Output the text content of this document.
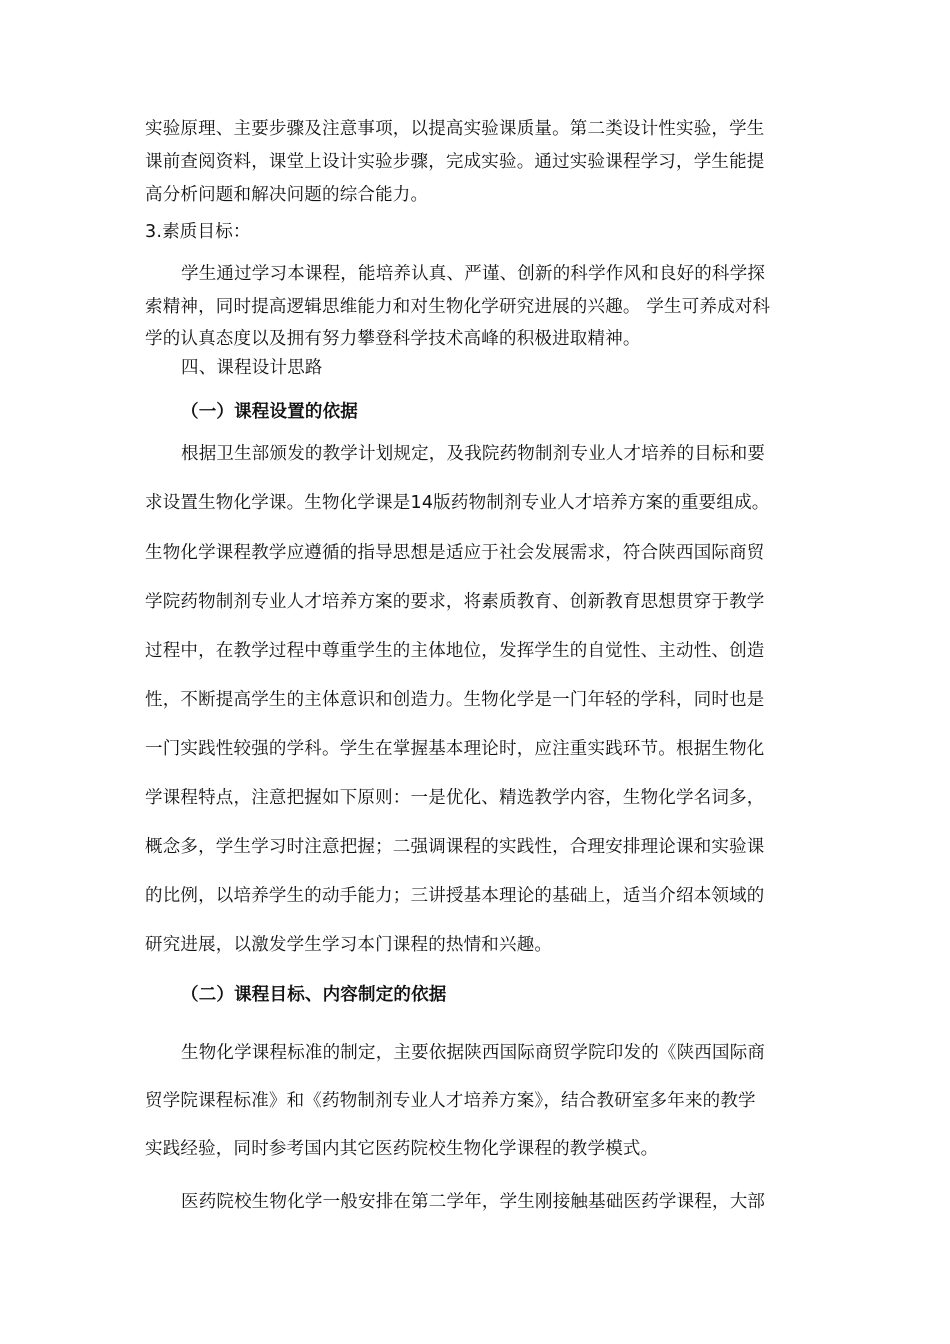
实验原理、主要步骤及注意事项，以提高实验课质量。第二类设计性实验，学生
课前查阅资料，课堂上设计实验步骤，完成实验。通过实验课程学习，学生能提
高分析问题和解决问题的综合能力。
3.素质目标：
学生通过学习本课程，能培养认真、严谨、创新的科学作风和良好的科学探
索精神，同时提高逻辑思维能力和对生物化学研究进展的兴趣。 学生可养成对科
学的认真态度以及拥有努力攀登科学技术高峰的积极进取精神。
四、课程设计思路
（一）课程设置的依据
根据卫生部颁发的教学计划规定，及我院药物制剂专业人才培养的目标和要
求设置生物化学课。生物化学课是14版药物制剂专业人才培养方案的重要组成。
生物化学课程教学应遵循的指导思想是适应于社会发展需求，符合陕西国际商贸
学院药物制剂专业人才培养方案的要求，将素质教育、创新教育思想贯穿于教学
过程中，在教学过程中尊重学生的主体地位，发挥学生的自觉性、主动性、创造
性，不断提高学生的主体意识和创造力。生物化学是一门年轻的学科，同时也是
一门实践性较强的学科。学生在掌握基本理论时，应注重实践环节。根据生物化
学课程特点，注意把握如下原则：一是优化、精选教学内容，生物化学名词多，
概念多，学生学习时注意把握；二强调课程的实践性，合理安排理论课和实验课
的比例，以培养学生的动手能力；三讲授基本理论的基础上，适当介绍本领域的
研究进展，以激发学生学习本门课程的热情和兴趣。
（二）课程目标、内容制定的依据
生物化学课程标准的制定，主要依据陕西国际商贸学院印发的《陕西国际商
贸学院课程标准》和《药物制剂专业人才培养方案》，结合教研室多年来的教学
实践经验，同时参考国内其它医药院校生物化学课程的教学模式。
医药院校生物化学一般安排在第二学年，学生刚接触基础医药学课程，大部
